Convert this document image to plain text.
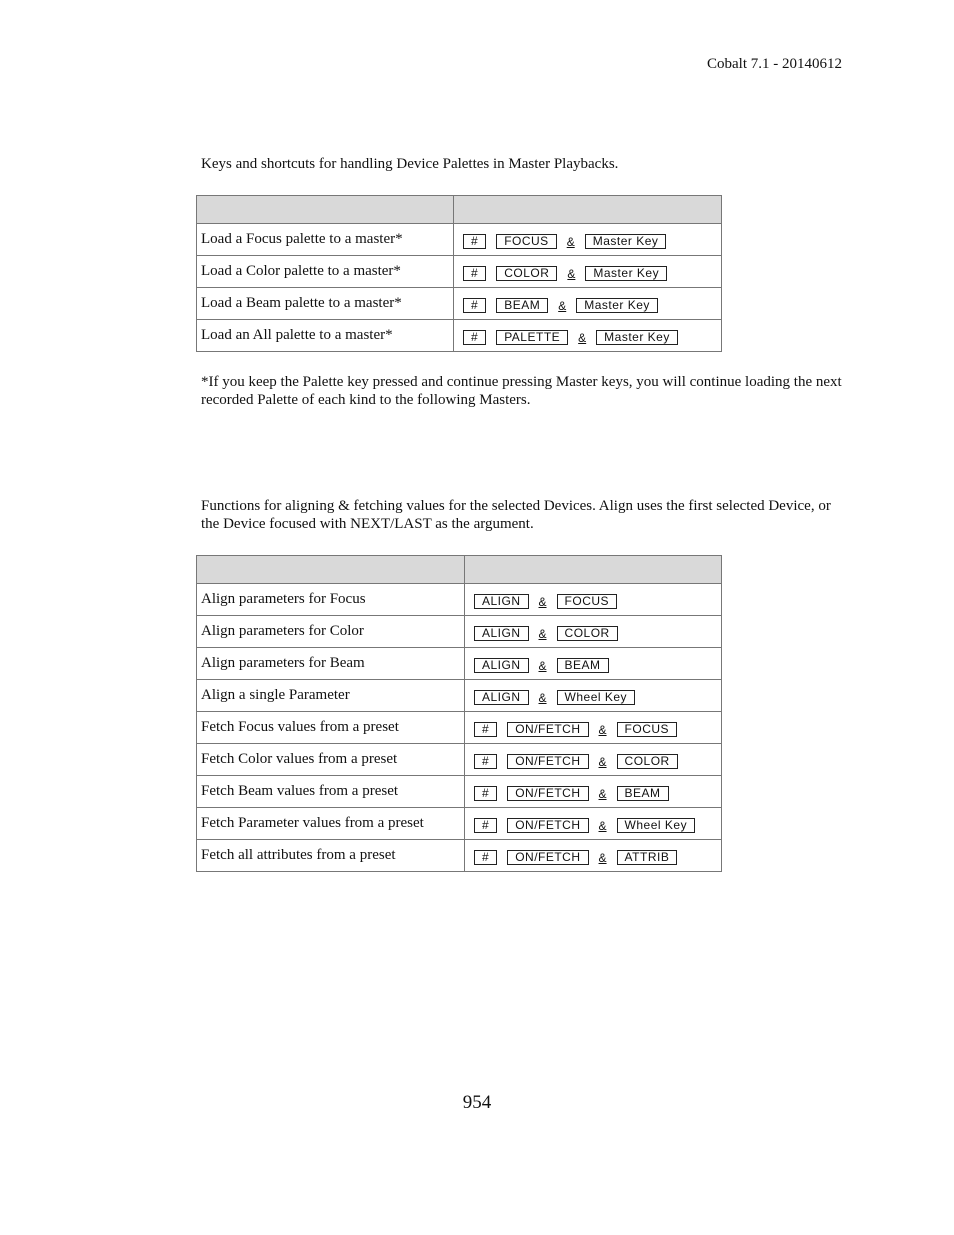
Cobalt 7.1 - 20140612
Keys and shortcuts for handling Device Palettes in Master Playbacks.

Load a Focus palette to a master*	# FOCUS & Master Key
Load a Color palette to a master*	# COLOR & Master Key
Load a Beam palette to a master*	# BEAM & Master Key
Load an All palette to a master*	# PALETTE & Master Key
*If you keep the Palette key pressed and continue pressing Master keys, you will continue loading the next recorded Palette of each kind to the following Masters.
Functions for aligning & fetching values for the selected Devices. Align uses the first selected Device, or the Device focused with NEXT/LAST as the argument.

Align parameters for Focus	ALIGN & FOCUS
Align parameters for Color	ALIGN & COLOR
Align parameters for Beam	ALIGN & BEAM
Align a single Parameter	ALIGN & Wheel Key
Fetch Focus values from a preset	# ON/FETCH & FOCUS
Fetch Color values from a preset	# ON/FETCH & COLOR
Fetch Beam values from a preset	# ON/FETCH & BEAM
Fetch Parameter values from a preset	# ON/FETCH & Wheel Key
Fetch all attributes from a preset	# ON/FETCH & ATTRIB
954
